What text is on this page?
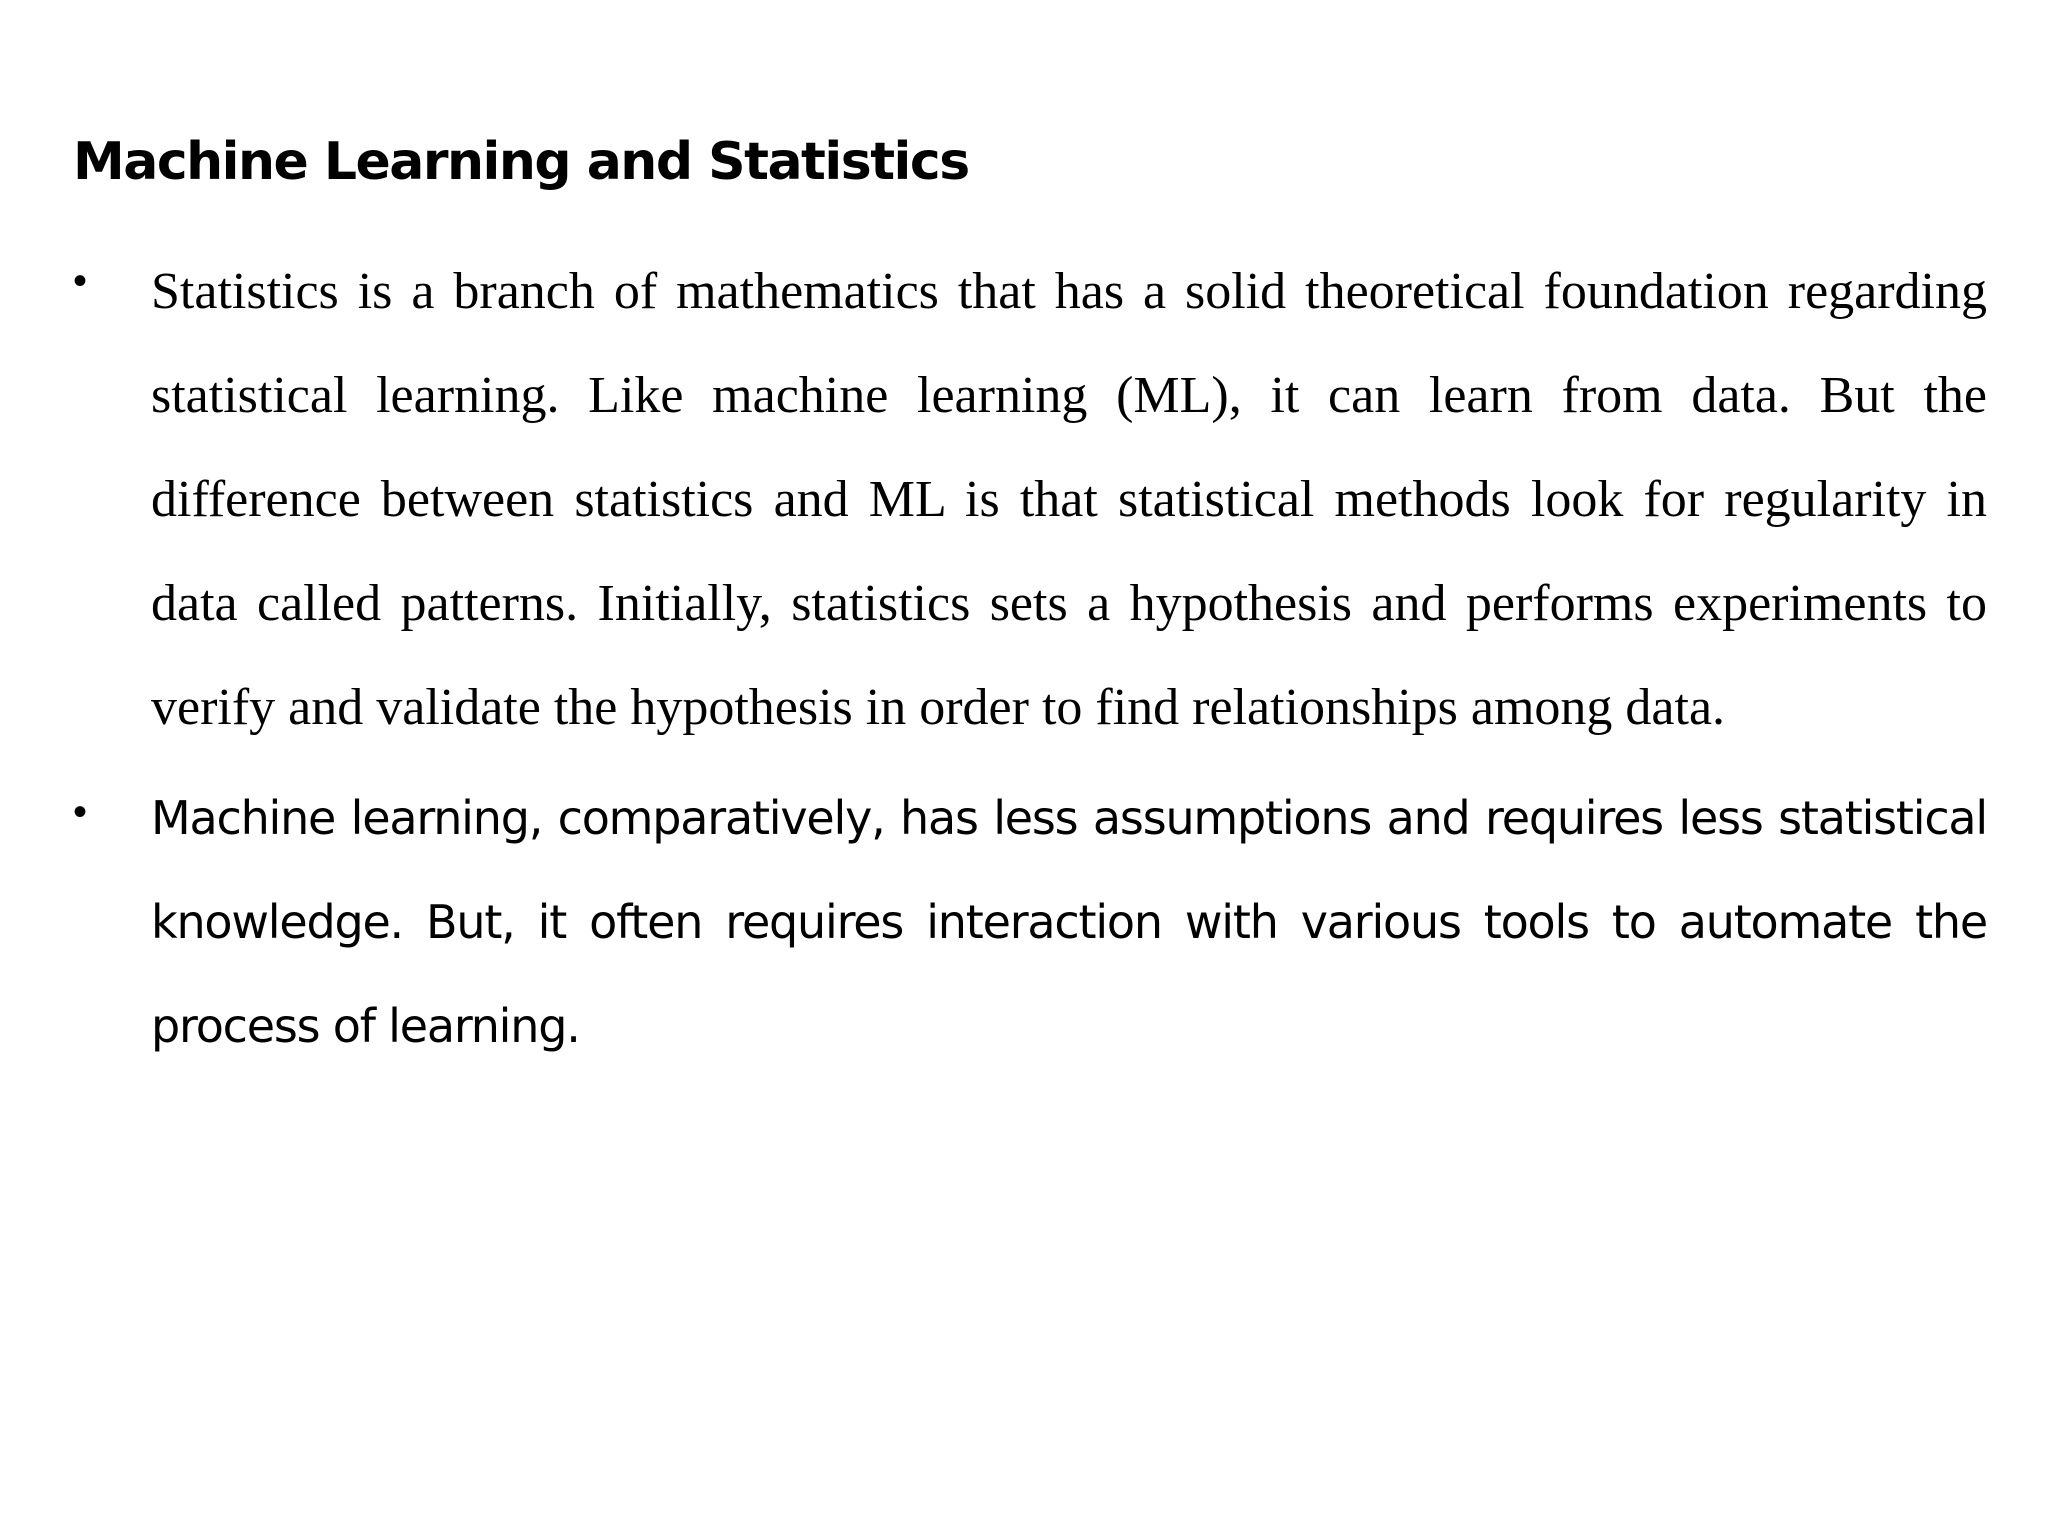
Machine Learning and Statistics
•	Statistics is a branch of mathematics that has a solid theoretical foundation regarding statistical learning. Like machine learning (ML), it can learn from data. But the difference between statistics and ML is that statistical methods look for regularity in data called patterns. Initially, statistics sets a hypothesis and performs experiments to verify and validate the hypothesis in order to find relationships among data.
•	Machine learning, comparatively, has less assumptions and requires less statistical knowledge. But, it often requires interaction with various tools to automate the process of learning.
